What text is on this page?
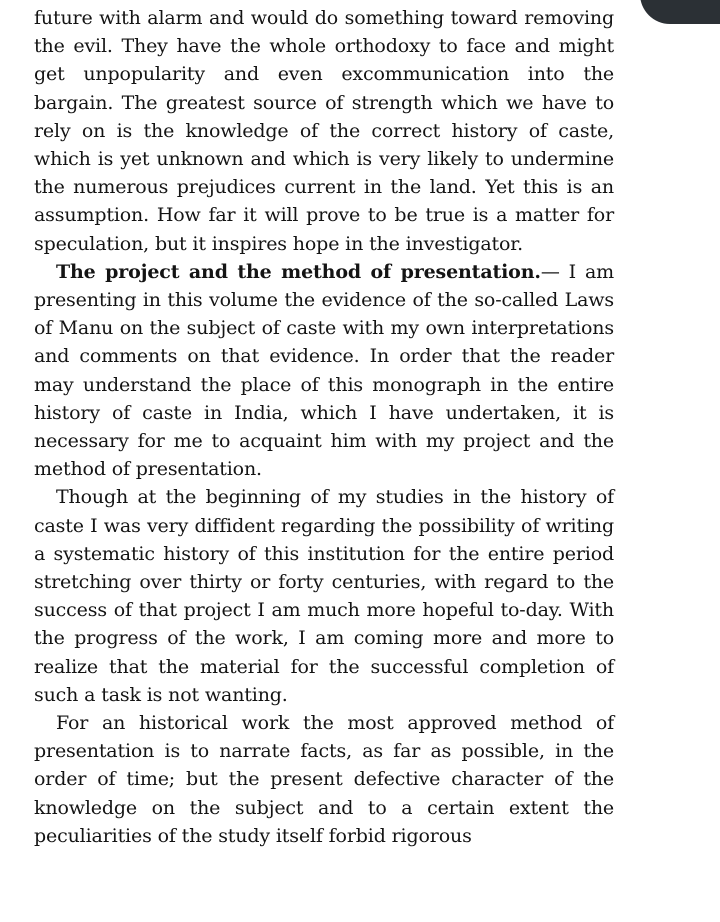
future with alarm and would do something toward removing the evil. They have the whole orthodoxy to face and might get unpopularity and even excommunication into the bargain. The greatest source of strength which we have to rely on is the knowledge of the correct history of caste, which is yet unknown and which is very likely to undermine the numerous prejudices current in the land. Yet this is an assumption. How far it will prove to be true is a matter for speculation, but it inspires hope in the investigator.

The project and the method of presentation.— I am presenting in this volume the evidence of the so-called Laws of Manu on the subject of caste with my own interpretations and comments on that evidence. In order that the reader may understand the place of this monograph in the entire history of caste in India, which I have undertaken, it is necessary for me to acquaint him with my project and the method of presentation.

Though at the beginning of my studies in the history of caste I was very diffident regarding the possibility of writing a systematic history of this institution for the entire period stretching over thirty or forty centuries, with regard to the success of that project I am much more hopeful to-day. With the progress of the work, I am coming more and more to realize that the material for the successful completion of such a task is not wanting.

For an historical work the most approved method of presentation is to narrate facts, as far as possible, in the order of time; but the present defective character of the knowledge on the subject and to a certain extent the peculiarities of the study itself forbid rigorous
